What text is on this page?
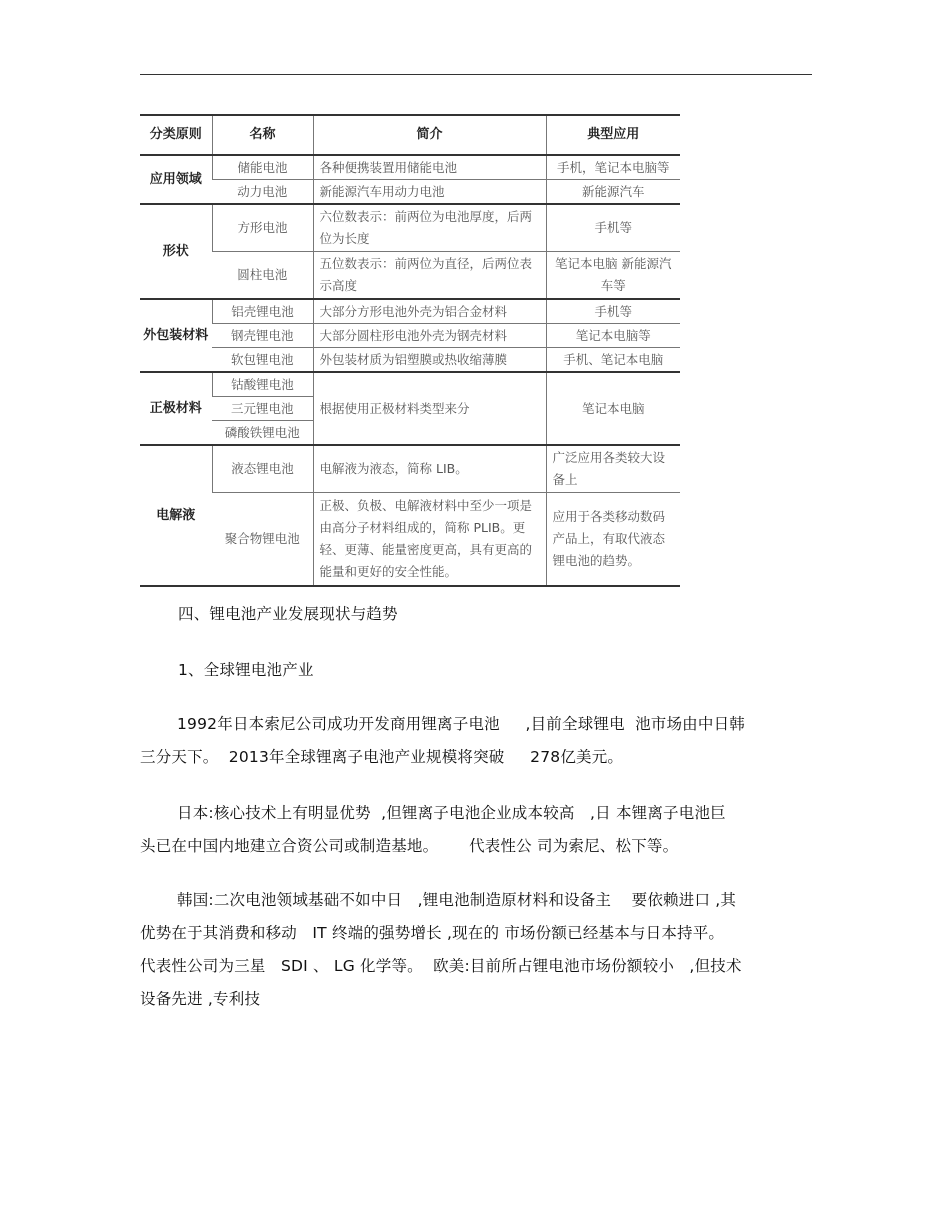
分类原则	名称	简介	典型应用
应用领域	储能电池	各种便携装置用储能电池	手机，笔记本电脑等
	动力电池	新能源汽车用动力电池	新能源汽车
形状	方形电池	六位数表示：前两位为电池厚度，后两位为长度	手机等
	圆柱电池	五位数表示：前两位为直径，后两位表示高度	笔记本电脑 新能源汽车等
外包装材料	铝壳锂电池	大部分方形电池外壳为铝合金材料	手机等
	钢壳锂电池	大部分圆柱形电池外壳为钢壳材料	笔记本电脑等
	软包锂电池	外包装材质为铝塑膜或热收缩薄膜	手机、笔记本电脑
正极材料	钴酸锂电池	根据使用正极材料类型来分	笔记本电脑
	三元锂电池		
	磷酸铁锂电池		
电解液	液态锂电池	电解液为液态，简称 LIB。	广泛应用各类较大设备上
	聚合物锂电池	正极、负极、电解液材料中至少一项是由高分子材料组成的，简称 PLIB。更轻、更薄、能量密度更高，具有更高的能量和更好的安全性能。	应用于各类移动数码产品上，有取代液态锂电池的趋势。
四、锂电池产业发展现状与趋势
1、全球锂电池产业
1992年日本索尼公司成功开发商用锂离子电池     ,目前全球锂电  池市场由中日韩
三分天下。  2013年全球锂离子电池产业规模将突破     278亿美元。
日本:核心技术上有明显优势  ,但锂离子电池企业成本较高   ,日 本锂离子电池巨
头已在中国内地建立合资公司或制造基地。      代表性公 司为索尼、松下等。
韩国:二次电池领域基础不如中日   ,锂电池制造原材料和设备主    要依赖进口 ,其
优势在于其消费和移动   IT 终端的强势增长 ,现在的 市场份额已经基本与日本持平。
代表性公司为三星   SDI 、 LG 化学等。  欧美:目前所占锂电池市场份额较小   ,但技术
设备先进 ,专利技
